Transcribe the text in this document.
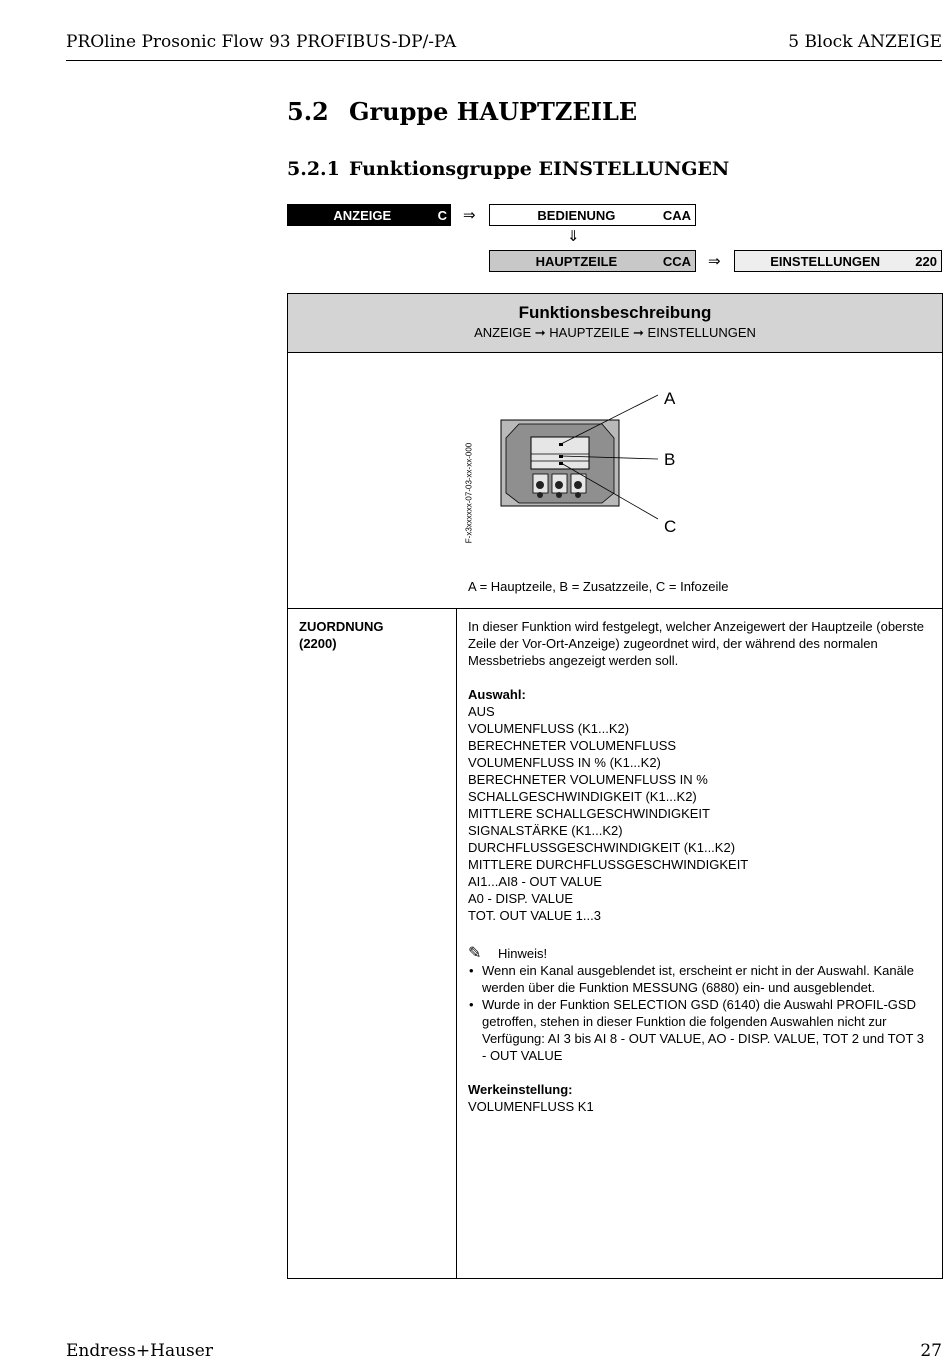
PROline Prosonic Flow 93 PROFIBUS-DP/-PA	5 Block ANZEIGE
5.2 Gruppe HAUPTZEILE
5.2.1 Funktionsgruppe EINSTELLUNGEN
ANZEIGE	C ⇒	BEDIENUNG	CAA
⇓
HAUPTZEILE	CCA ⇒	EINSTELLUNGEN	220
Funktionsbeschreibung
ANZEIGE ➞ HAUPTZEILE ➞ EINSTELLUNGEN
F-x3xxxxxx-07-03-xx-xx-000
A
B
C
A = Hauptzeile, B = Zusatzzeile, C = Infozeile
ZUORDNUNG
(2200)

In dieser Funktion wird festgelegt, welcher Anzeigewert der Hauptzeile (oberste Zeile der Vor-Ort-Anzeige) zugeordnet wird, der während des normalen Messbetriebs angezeigt werden soll.

Auswahl:
AUS
VOLUMENFLUSS (K1...K2)
BERECHNETER VOLUMENFLUSS
VOLUMENFLUSS IN % (K1...K2)
BERECHNETER VOLUMENFLUSS IN %
SCHALLGESCHWINDIGKEIT (K1...K2)
MITTLERE SCHALLGESCHWINDIGKEIT
SIGNALSTÄRKE (K1...K2)
DURCHFLUSSGESCHWINDIGKEIT (K1...K2)
MITTLERE DURCHFLUSSGESCHWINDIGKEIT
AI1...AI8 - OUT VALUE
A0 - DISP. VALUE
TOT. OUT VALUE 1...3
✎	Hinweis!
• Wenn ein Kanal ausgeblendet ist, erscheint er nicht in der Auswahl. Kanäle werden über die Funktion MESSUNG (6880) ein- und ausgeblendet.
• Wurde in der Funktion SELECTION GSD (6140) die Auswahl PROFIL-GSD getroffen, stehen in dieser Funktion die folgenden Auswahlen nicht zur Verfügung: AI 3 bis AI 8 - OUT VALUE, AO - DISP. VALUE, TOT 2 und TOT 3 - OUT VALUE
Werkeinstellung:
VOLUMENFLUSS K1
Endress+Hauser	27
